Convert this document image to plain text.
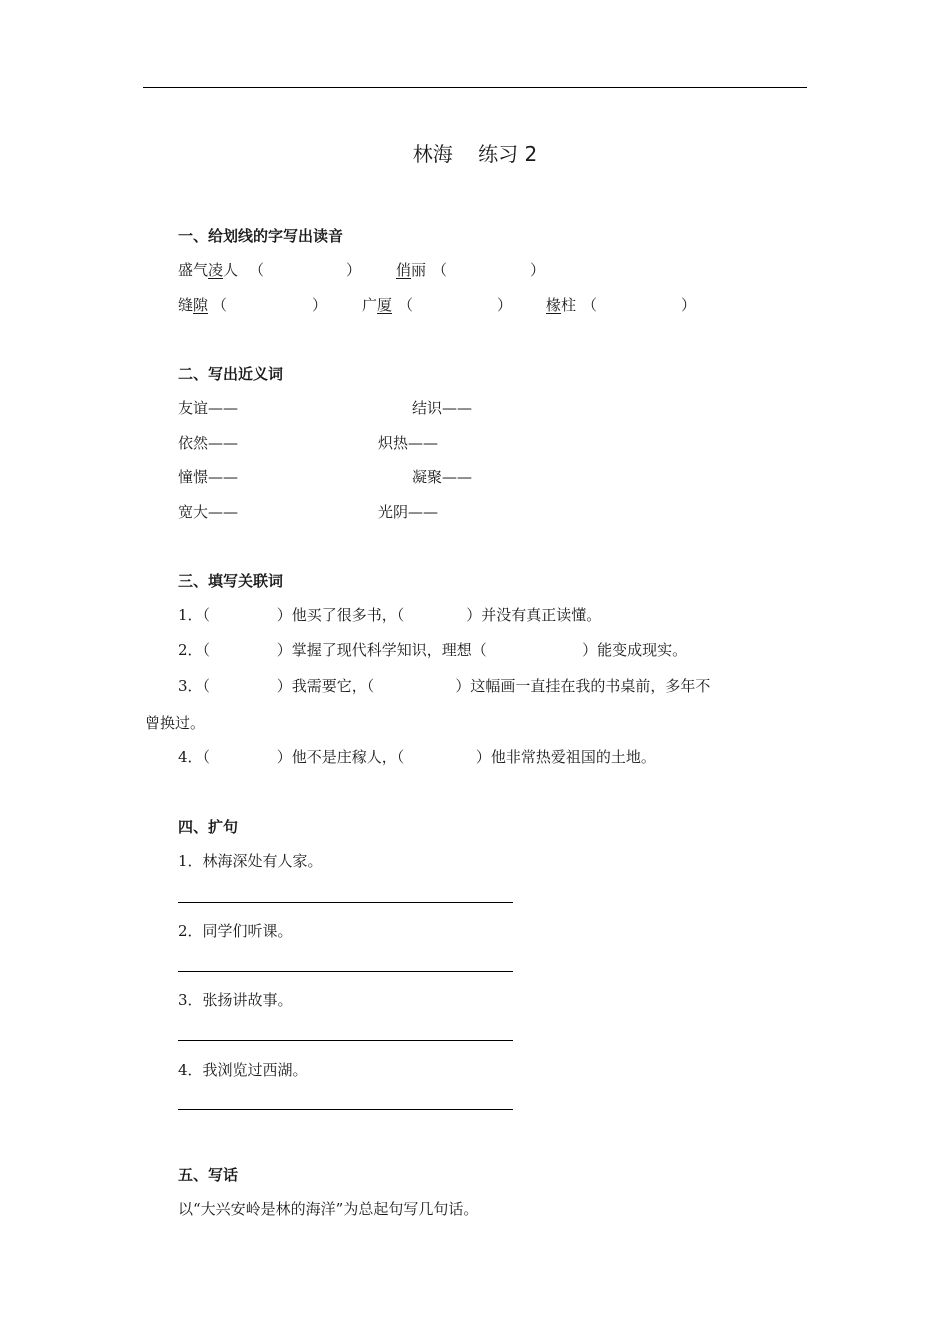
林海 练习 2
一、给划线的字写出读音
盛气凌人 （	） 俏丽 （	）
缝隙 （	） 广厦 （	） 椽柱 （	）
二、写出近义词
友谊——	结识——
依然——	炽热——
憧憬——	凝聚——
宽大——	光阴——
三、填写关联词
1．（              ）他买了很多书，（             ）并没有真正读懂。
2．（              ）掌握了现代科学知识，理想（                    ）能变成现实。
3．（              ）我需要它，（                 ）这幅画一直挂在我的书桌前，多年不
曾换过。
4．（              ）他不是庄稼人，（               ）他非常热爱祖国的土地。
四、扩句
1．林海深处有人家。
2．同学们听课。
3．张扬讲故事。
4．我浏览过西湖。
五、写话
以“大兴安岭是林的海洋”为总起句写几句话。
